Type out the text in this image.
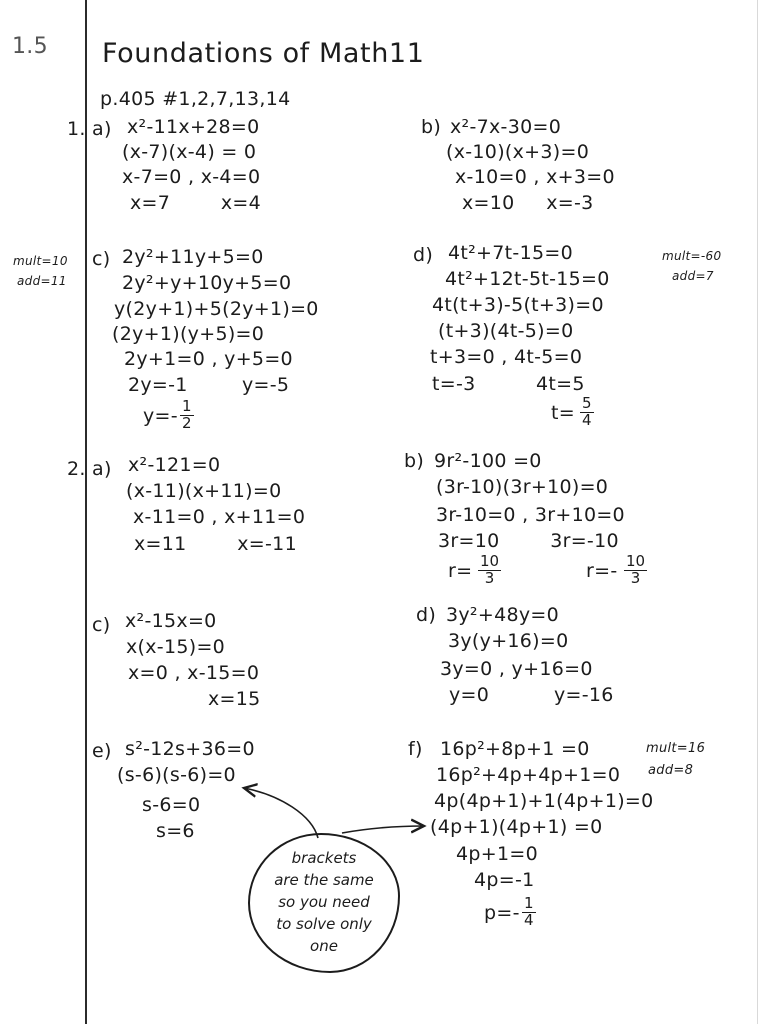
1.5 Foundations of Math11
p.405 #1,2,7,13,14
1. a) x²-11x+28=0
(x-7)(x-4) = 0
x-7=0 , x-4=0
x=7        x=4
b) x²-7x-30=0
(x-10)(x+3)=0
x-10=0 , x+3=0
x=10     x=-3
mult=10
add=11
c) 2y²+11y+5=0
2y²+y+10y+5=0
y(2y+1)+5(2y+1)=0
(2y+1)(y+5)=0
2y+1=0 , y+5=0
2y=-1
$y=- \frac{1}{2}$
y=-5
mult=-60
add=7
d) 4t²+7t-15=0
4t²+12t-5t-15=0
4t(t+3)-5(t+3)=0
(t+3)(4t-5)=0
t+3=0 , 4t-5=0
t=-3	4t=5
$t= \frac{5}{4}$
2. a) x²-121=0
(x-11)(x+11)=0
x-11=0 , x+11=0
x=11        x=-11
b) 9r²-100 =0
(3r-10)(3r+10)=0
3r-10=0 , 3r+10=0
3r=10        3r=-10
$r= \frac{10}{3}$	$r=- \frac{10}{3}$
c) x²-15x=0
x(x-15)=0
x=0 , x-15=0
x=15
d) 3y²+48y=0
3y(y+16)=0
3y=0 , y+16=0
y=0	y=-16
e) s²-12s+36=0
(s-6)(s-6)=0
s-6=0
s=6
mult=16
add=8
f) 16p²+8p+1 =0
16p²+4p+4p+1=0
4p(4p+1)+1(4p+1)=0
(4p+1)(4p+1) =0
4p+1=0
4p=-1
$p=- \frac{1}{4}$
brackets
are the same
so you need
to solve only
one
